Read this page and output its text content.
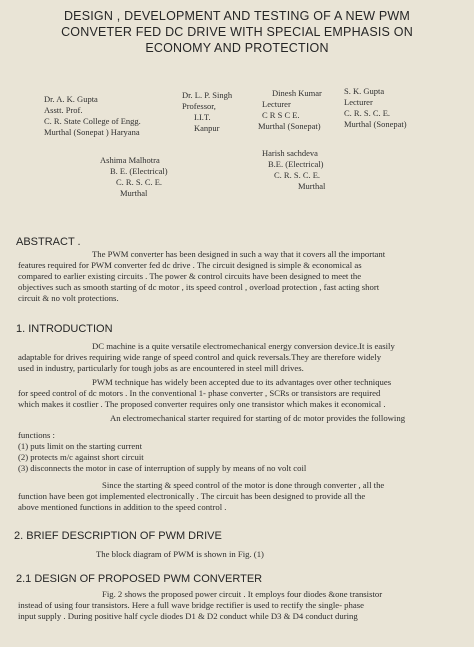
DESIGN , DEVELOPMENT AND TESTING OF A NEW PWM
CONVETER FED DC DRIVE WITH SPECIAL EMPHASIS ON
ECONOMY AND PROTECTION
Dr. A. K. Gupta
Asstt. Prof.
C. R. State College of Engg.
Murthal (Sonepat ) Haryana
Dr. L. P. Singh
Professor,
I.I.T.
Kanpur
Dinesh Kumar
Lecturer
C R S C E.
Murthal (Sonepat)
S. K. Gupta
Lecturer
C. R. S. C. E.
Murthal (Sonepat)
Ashima Malhotra
B. E. (Electrical)
C. R. S. C. E.
Murthal
Harish sachdeva
B.E. (Electrical)
C. R. S. C. E.
Murthal
ABSTRACT .
The PWM converter has been designed in such a way that it covers all the important
features required for PWM converter fed dc drive . The circuit designed is simple & economical as
compared to earlier existing circuits . The power & control circuits have been designed to meet the
objectives such as smooth starting of dc motor , its speed control , overload protection , fast acting short
circuit & no volt protections.
1. INTRODUCTION
DC machine is a quite versatile electromechanical energy conversion device.It is easily
adaptable for drives requiring wide range of speed control and quick reversals.They are therefore widely
used in industry, particularly for tough jobs as are encountered in steel mill drives.
PWM technique has widely been accepted due to its advantages over other techniques
for speed control of dc motors . In the conventional 1- phase converter , SCRs or transistors are required
which makes it costlier . The proposed converter requires only one transistor which makes it economical .
An electromechanical starter required for starting of dc motor provides the following
functions :
(1) puts limit on the starting current
(2) protects m/c against short circuit
(3) disconnects the motor in case of interruption of supply by means of no volt coil
Since the starting & speed control of the motor is done through converter , all the
function have been got implemented electronically . The circuit has been designed to provide all the
above mentioned functions in addition to the speed control .
2. BRIEF DESCRIPTION OF PWM DRIVE
The block diagram of PWM is shown in Fig. (1)
2.1 DESIGN OF PROPOSED PWM CONVERTER
Fig. 2 shows the proposed power circuit . It employs four diodes &one transistor
instead of using four transistors. Here a full wave bridge rectifier is used to rectify the single- phase
input supply . During positive half cycle diodes D1 & D2 conduct while D3 & D4 conduct during
